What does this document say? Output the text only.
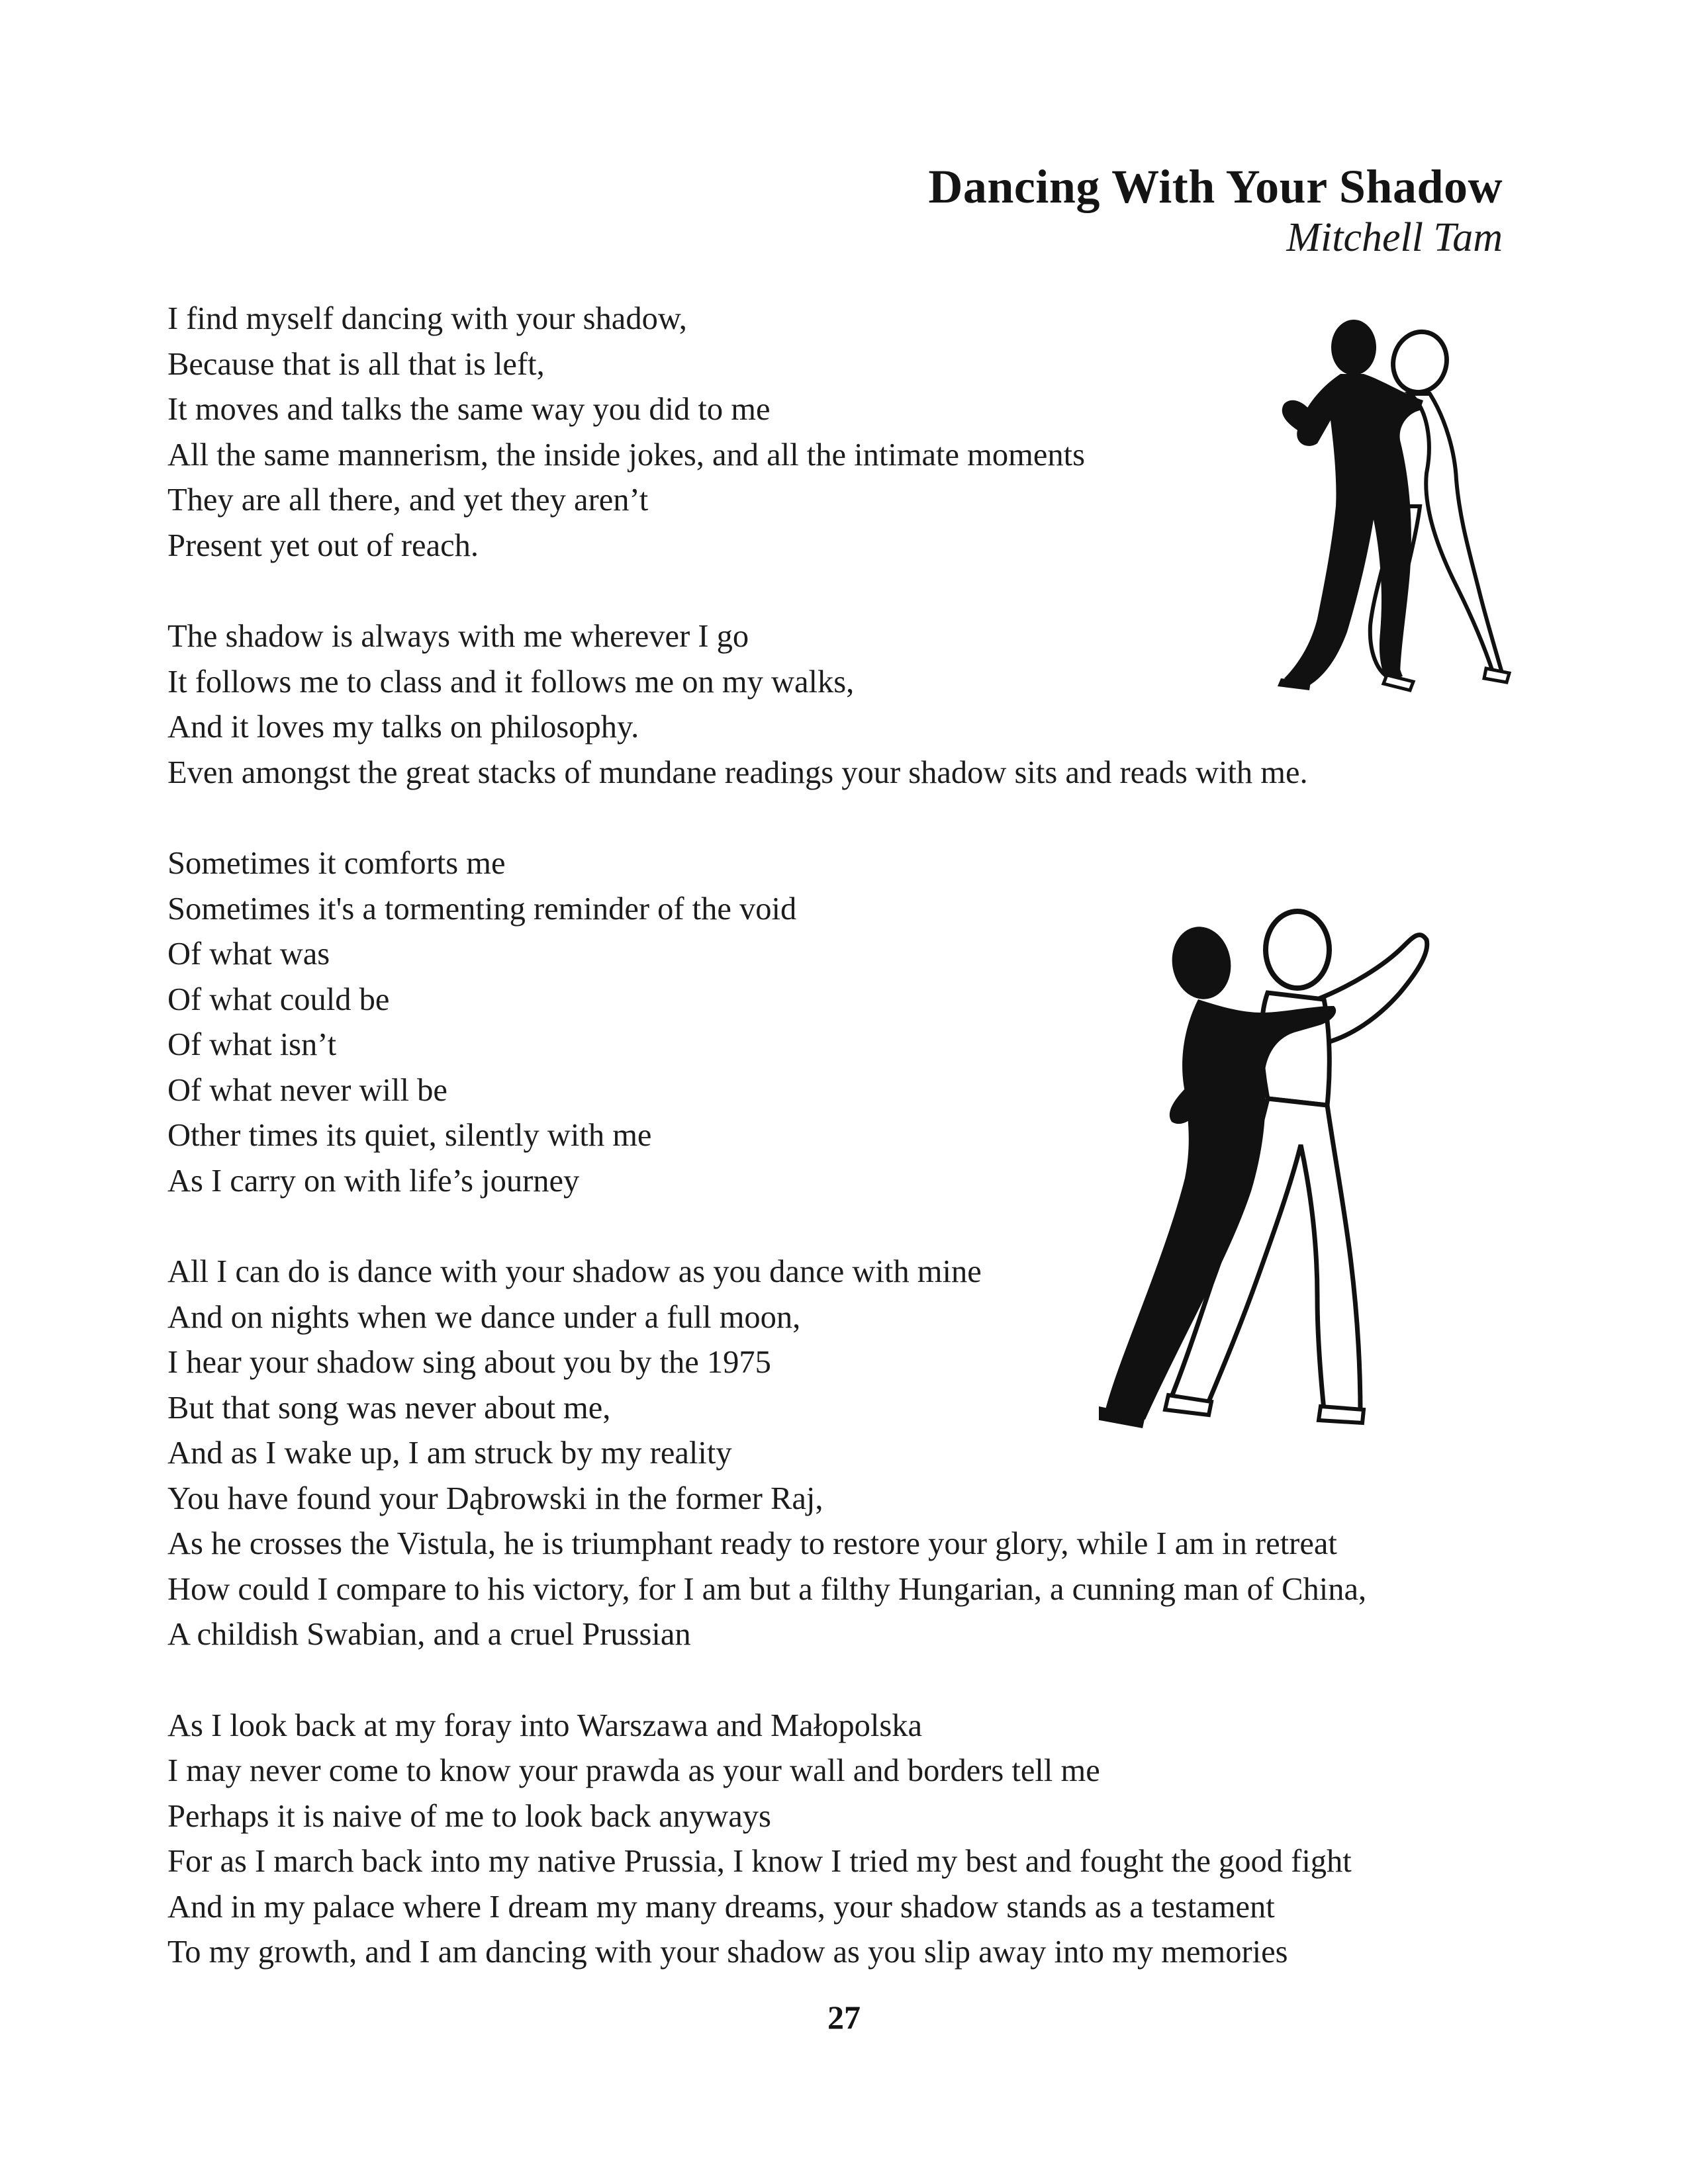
Dancing With Your Shadow
Mitchell Tam
I find myself dancing with your shadow,
Because that is all that is left,
It moves and talks the same way you did to me
All the same mannerism, the inside jokes, and all the intimate moments
They are all there, and yet they aren’t
Present yet out of reach.
The shadow is always with me wherever I go
It follows me to class and it follows me on my walks,
And it loves my talks on philosophy.
Even amongst the great stacks of mundane readings your shadow sits and reads with me.
Sometimes it comforts me
Sometimes it's a tormenting reminder of the void
Of what was
Of what could be
Of what isn’t
Of what never will be
Other times its quiet, silently with me
As I carry on with life’s journey
All I can do is dance with your shadow as you dance with mine
And on nights when we dance under a full moon,
I hear your shadow sing about you by the 1975
But that song was never about me,
And as I wake up, I am struck by my reality
You have found your Dąbrowski in the former Raj,
As he crosses the Vistula, he is triumphant ready to restore your glory, while I am in retreat
How could I compare to his victory, for I am but a filthy Hungarian, a cunning man of China,
A childish Swabian, and a cruel Prussian
As I look back at my foray into Warszawa and Małopolska
I may never come to know your prawda as your wall and borders tell me
Perhaps it is naive of me to look back anyways
For as I march back into my native Prussia, I know I tried my best and fought the good fight
And in my palace where I dream my many dreams, your shadow stands as a testament
To my growth, and I am dancing with your shadow as you slip away into my memories
27
